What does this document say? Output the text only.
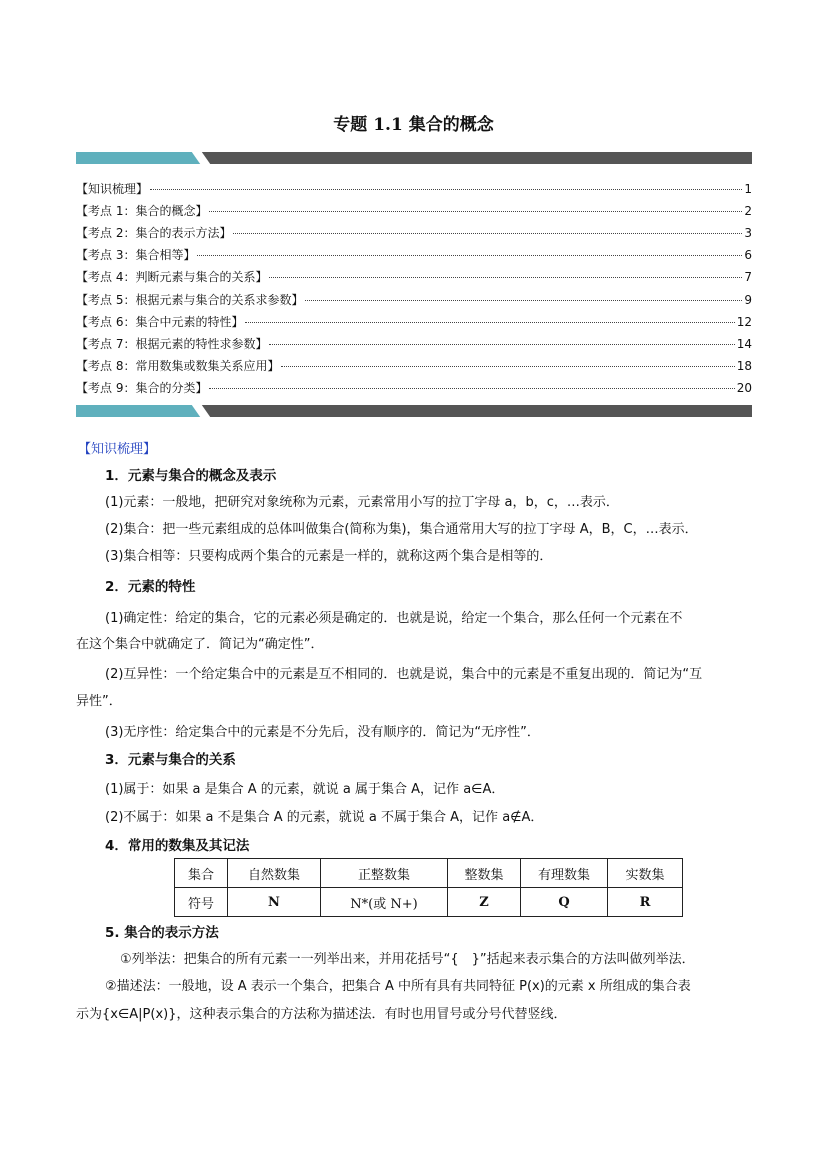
专题 1.1 集合的概念
【知识梳理】	1
【考点 1：集合的概念】	2
【考点 2：集合的表示方法】	3
【考点 3：集合相等】	6
【考点 4：判断元素与集合的关系】	7
【考点 5：根据元素与集合的关系求参数】	9
【考点 6：集合中元素的特性】	12
【考点 7：根据元素的特性求参数】	14
【考点 8：常用数集或数集关系应用】	18
【考点 9：集合的分类】	20
【知识梳理】
1．元素与集合的概念及表示
(1)元素：一般地，把研究对象统称为元素，元素常用小写的拉丁字母 a，b，c，…表示．
(2)集合：把一些元素组成的总体叫做集合(简称为集)，集合通常用大写的拉丁字母 A，B，C，…表示．
(3)集合相等：只要构成两个集合的元素是一样的，就称这两个集合是相等的．
2．元素的特性
(1)确定性：给定的集合，它的元素必须是确定的．也就是说，给定一个集合，那么任何一个元素在不
在这个集合中就确定了．简记为“确定性”．
(2)互异性：一个给定集合中的元素是互不相同的．也就是说，集合中的元素是不重复出现的．简记为“互
异性”．
(3)无序性：给定集合中的元素是不分先后，没有顺序的．简记为“无序性”．
3．元素与集合的关系
(1)属于：如果 a 是集合 A 的元素，就说 a 属于集合 A，记作 a∈A．
(2)不属于：如果 a 不是集合 A 的元素，就说 a 不属于集合 A，记作 a∉A．
4．常用的数集及其记法
集合	自然数集	正整数集	整数集	有理数集	实数集
符号	N	N*(或 N+)	Z	Q	R
5. 集合的表示方法
①列举法：把集合的所有元素一一列举出来，并用花括号“{　}”括起来表示集合的方法叫做列举法．
②描述法：一般地，设 A 表示一个集合，把集合 A 中所有具有共同特征 P(x)的元素 x 所组成的集合表
示为{x∈A|P(x)}，这种表示集合的方法称为描述法．有时也用冒号或分号代替竖线．
